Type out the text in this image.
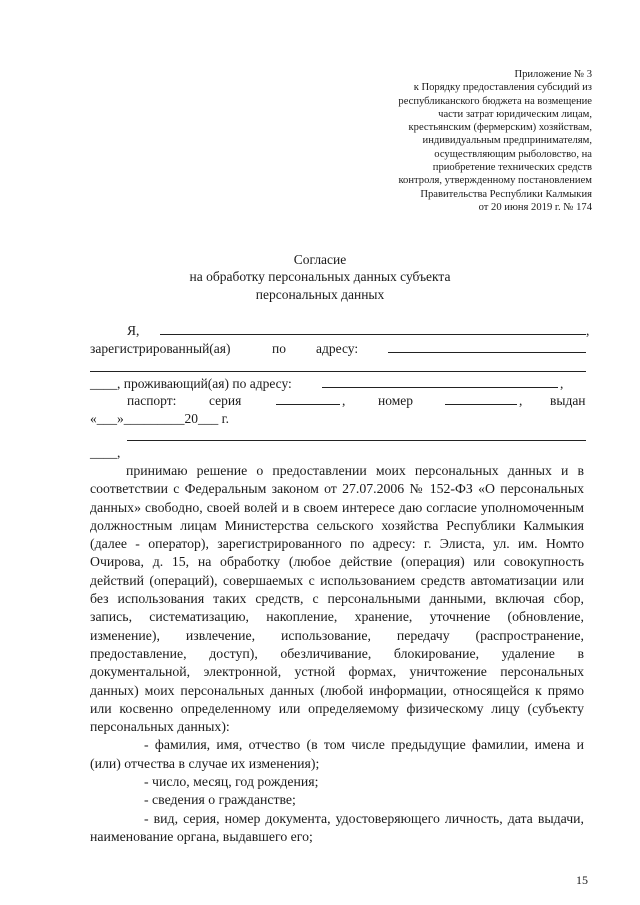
Приложение № 3
к Порядку предоставления субсидий из
республиканского бюджета на возмещение
части затрат юридическим лицам,
крестьянским (фермерским) хозяйствам,
индивидуальным предпринимателям,
осуществляющим рыболовство, на
приобретение технических средств
контроля, утвержденному постановлением
Правительства Республики Калмыкия
от 20 июня 2019 г. № 174
Согласие
на обработку персональных данных субъекта
персональных данных
Я,	,
зарегистрированный(ая)	по адресу:
____, проживающий(ая) по адресу:	,
паспорт: серия	, номер	, выдан
«___»_________20___ г.
____,

принимаю решение о предоставлении моих персональных данных и в соответствии с Федеральным законом от 27.07.2006 № 152-ФЗ «О персональных данных» свободно, своей волей и в своем интересе даю согласие уполномоченным должностным лицам Министерства сельского хозяйства Республики Калмыкия (далее - оператор), зарегистрированного по адресу: г. Элиста, ул. им. Номто Очирова, д. 15, на обработку (любое действие (операция) или совокупность действий (операций), совершаемых с использованием средств автоматизации или без использования таких средств, с персональными данными, включая сбор, запись, систематизацию, накопление, хранение, уточнение (обновление, изменение), извлечение, использование, передачу (распространение, предоставление, доступ), обезличивание, блокирование, удаление в документальной, электронной, устной формах, уничтожение персональных данных) моих персональных данных (любой информации, относящейся к прямо или косвенно определенному или определяемому физическому лицу (субъекту персональных данных):

- фамилия, имя, отчество (в том числе предыдущие фамилии, имена и (или) отчества в случае их изменения);

- число, месяц, год рождения;

- сведения о гражданстве;

- вид, серия, номер документа, удостоверяющего личность, дата выдачи, наименование органа, выдавшего его;

15
